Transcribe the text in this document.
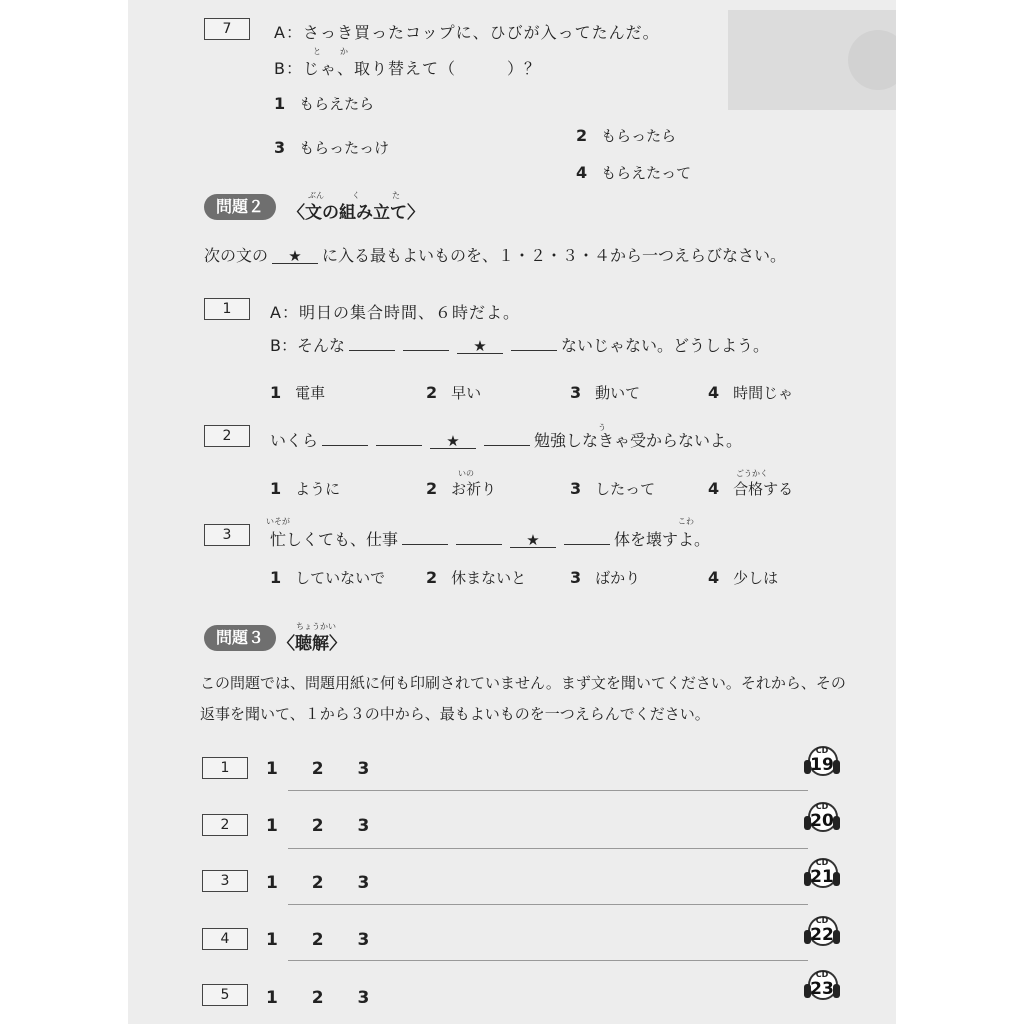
7
と か
A：さっき買ったコップに、ひびが入ってたんだ。
B：じゃ、取り替えて（　　　）？
1 もらえたら
2 もらったら
3 もらったっけ
4 もらえたって
問題２
ぶん	く	た
〈文の組み立て〉
次の文の ★ に入る最もよいものを、１・２・３・４から一つえらびなさい。
1	A：明日の集合時間、６時だよ。
B：そんな	★	ないじゃない。どうしよう。
1 電車	2 早い	3 動いて	4 時間じゃ
2	いくら	★	勉強しなきゃ受からないよ。
う
いの	ごうかく
1 ように	2 お祈り	3 したって	4 合格する
3
いそが	こわ
忙しくても、仕事	★	体を壊すよ。
1 していないで	2 休まないと	3 ばかり	4 少しは
問題３
ちょうかい
〈聴解〉
この問題では、問題用紙に何も印刷されていません。まず文を聞いてください。それから、その
返事を聞いて、１から３の中から、最もよいものを一つえらんでください。
1	1 2 3
CD
19
2	1 2 3
CD
20
3	1 2 3
CD
21
4	1 2 3
CD
22
5	1 2 3
CD
23
